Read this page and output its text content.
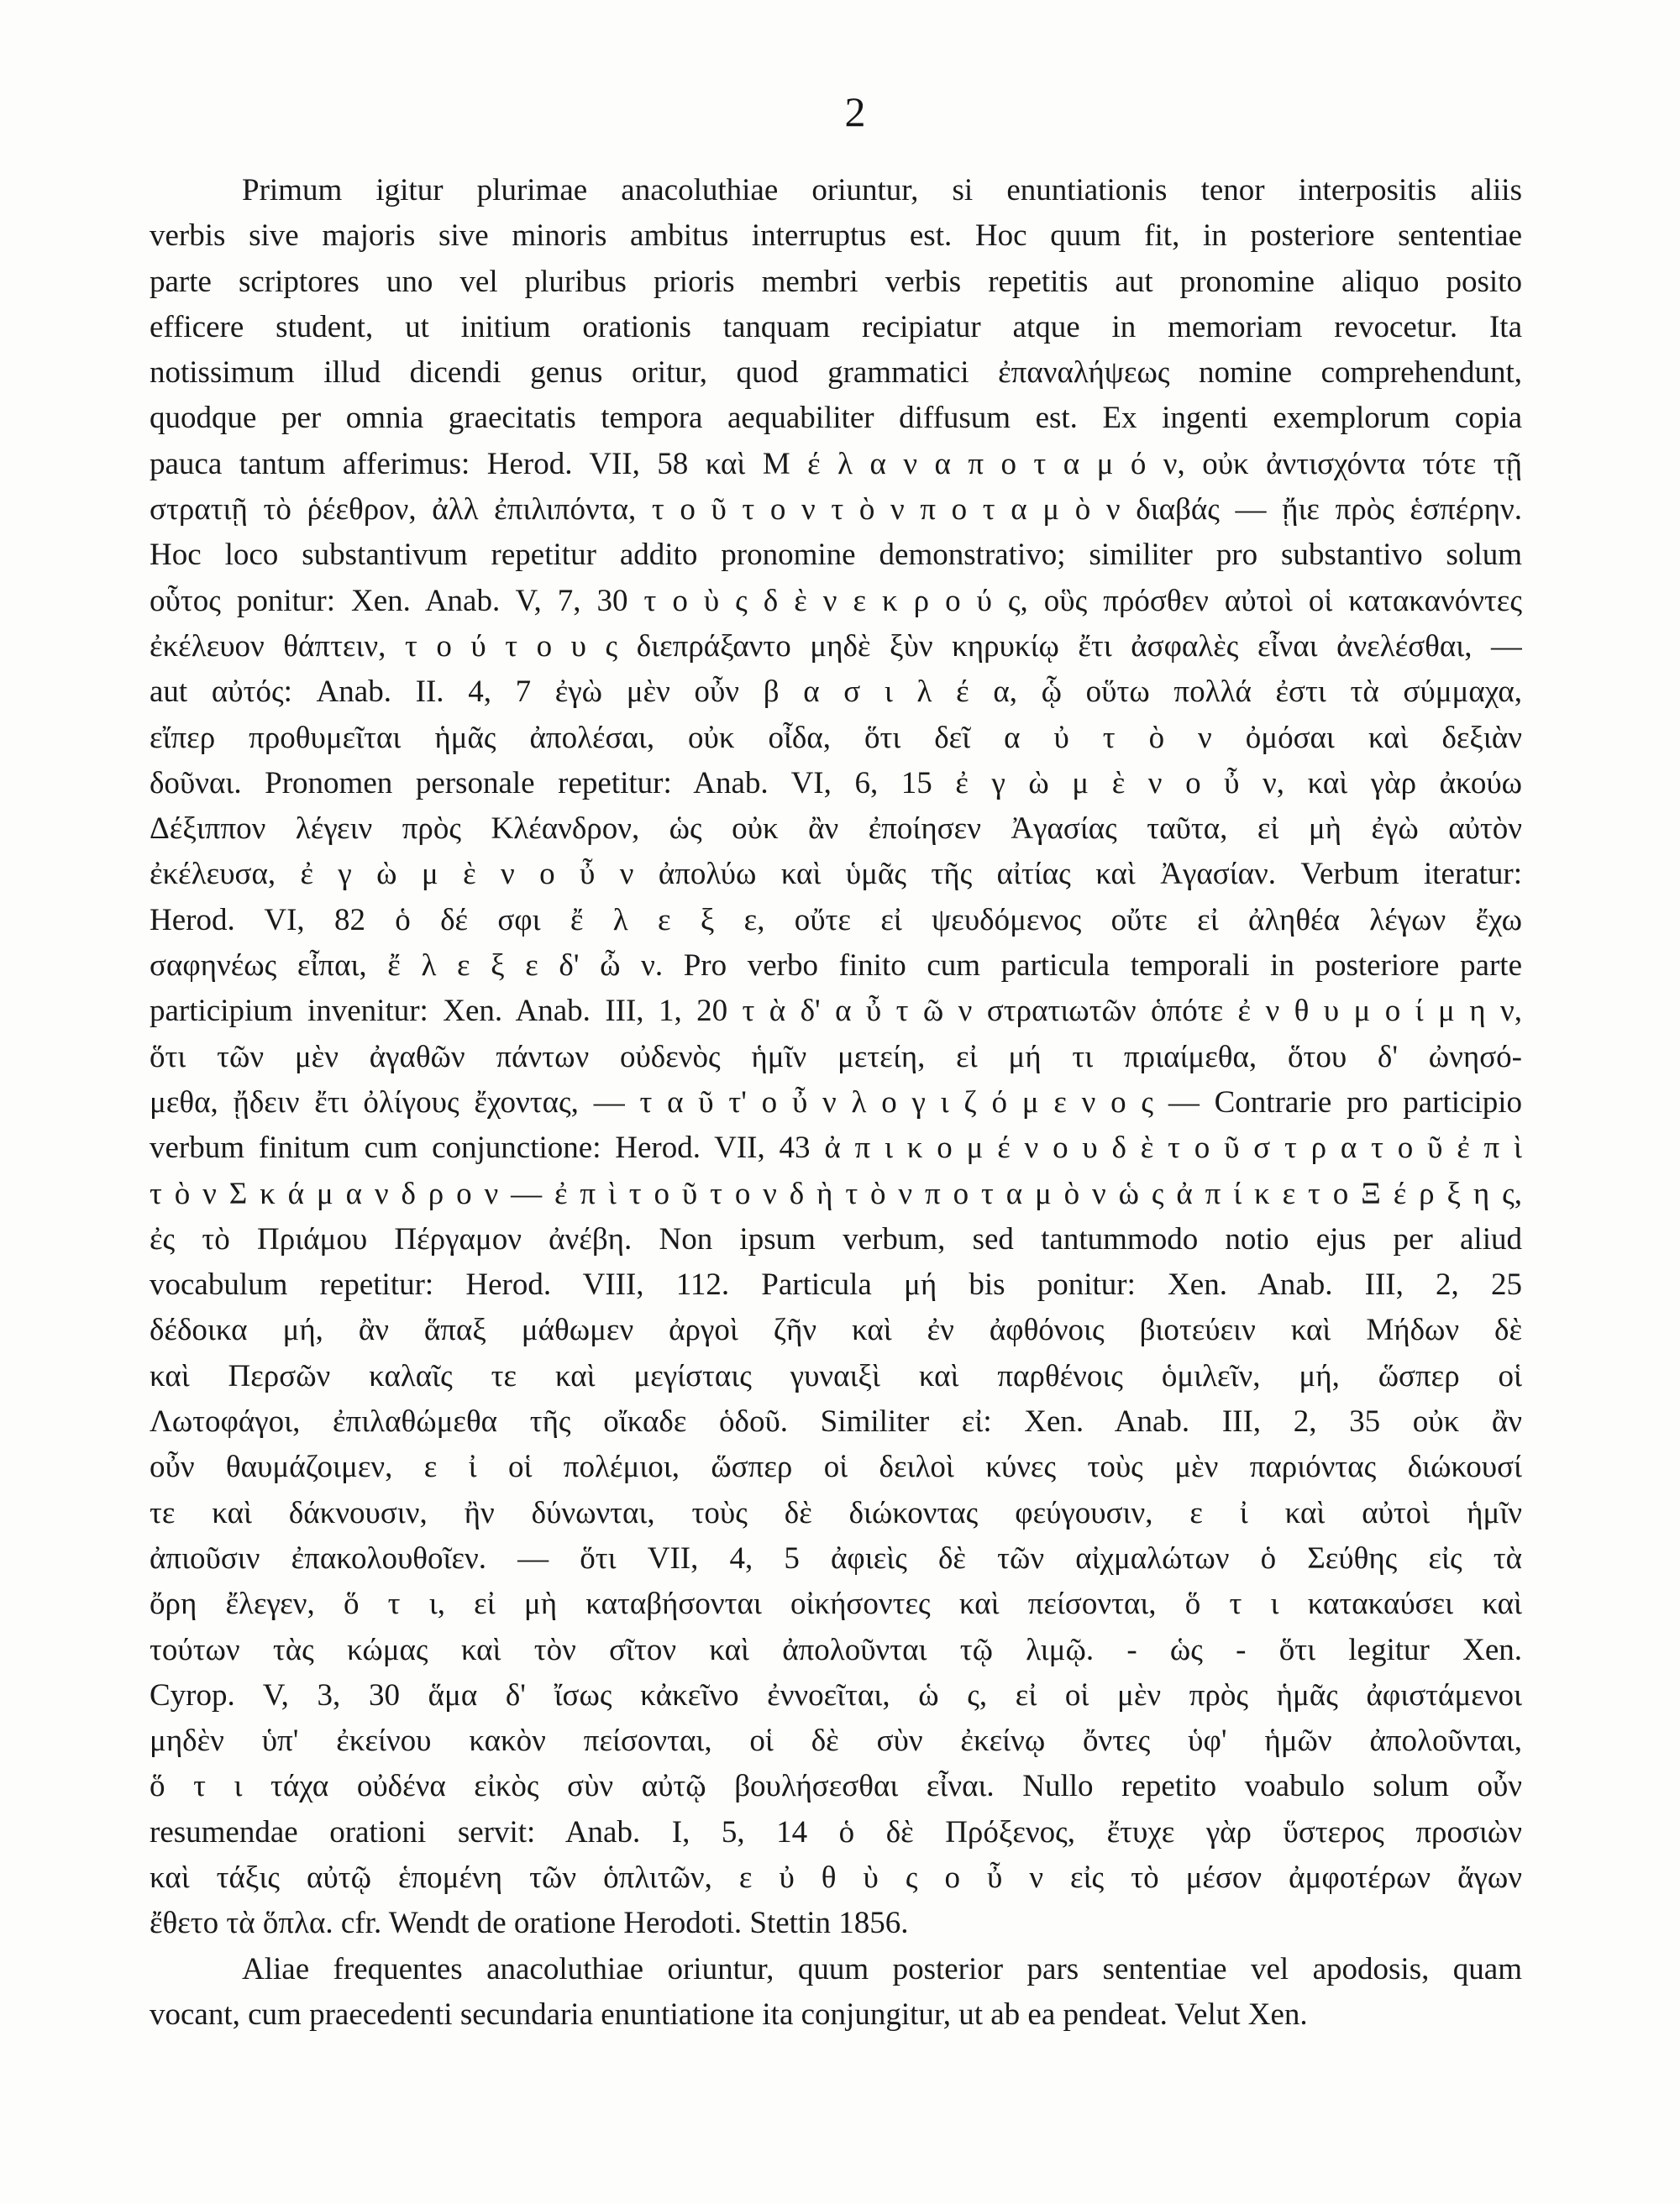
2
Primum igitur plurimae anacoluthiae oriuntur, si enuntiationis tenor interpositis aliis
verbis sive majoris sive minoris ambitus interruptus est. Hoc quum fit, in posteriore sententiae
parte scriptores uno vel pluribus prioris membri verbis repetitis aut pronomine aliquo posito
efficere student, ut initium orationis tanquam recipiatur atque in memoriam revocetur. Ita
notissimum illud dicendi genus oritur, quod grammatici ἐπαναλήψεως nomine comprehendunt,
quodque per omnia graecitatis tempora aequabiliter diffusum est. Ex ingenti exemplorum copia
pauca tantum afferimus: Herod. VII, 58 καὶ Μ έ λ α ν α π ο τ α μ ό ν, οὐκ ἀντισχόντα τότε τῇ
στρατιῇ τὸ ῥέεθρον, ἀλλ ἐπιλιπόντα, τ ο ῦ τ ο ν τ ὸ ν π ο τ α μ ὸ ν διαβάς — ᾔιε πρὸς ἑσπέρην.
Hoc loco substantivum repetitur addito pronomine demonstrativo; similiter pro substantivo solum
οὗτος ponitur: Xen. Anab. V, 7, 30 τ ο ὺ ς δ ὲ ν ε κ ρ ο ύ ς, οὓς πρόσθεν αὐτοὶ οἱ κατακανόντες
ἐκέλευον θάπτειν, τ ο ύ τ ο υ ς διεπράξαντο μηδὲ ξὺν κηρυκίῳ ἔτι ἀσφαλὲς εἶναι ἀνελέσθαι, —
aut αὐτός: Anab. II. 4, 7 ἐγὼ μὲν οὖν β α σ ι λ έ α, ᾧ οὕτω πολλά ἐστι τὰ σύμμαχα,
εἴπερ προθυμεῖται ἡμᾶς ἀπολέσαι, οὐκ οἶδα, ὅτι δεῖ α ὐ τ ὸ ν ὀμόσαι καὶ δεξιὰν
δοῦναι. Pronomen personale repetitur: Anab. VI, 6, 15 ἐ γ ὼ μ ὲ ν ο ὖ ν, καὶ γὰρ ἀκούω
Δέξιππον λέγειν πρὸς Κλέανδρον, ὡς οὐκ ἂν ἐποίησεν Ἀγασίας ταῦτα, εἰ μὴ ἐγὼ αὐτὸν
ἐκέλευσα, ἐ γ ὼ μ ὲ ν ο ὖ ν ἀπολύω καὶ ὑμᾶς τῆς αἰτίας καὶ Ἀγασίαν. Verbum iteratur:
Herod. VI, 82 ὁ δέ σφι ἔ λ ε ξ ε, οὔτε εἰ ψευδόμενος οὔτε εἰ ἀληθέα λέγων ἔχω
σαφηνέως εἶπαι, ἔ λ ε ξ ε δ' ὦ ν. Pro verbo finito cum particula temporali in posteriore parte
participium invenitur: Xen. Anab. III, 1, 20 τ ὰ δ' α ὖ τ ῶ ν στρατιωτῶν ὁπότε ἐ ν θ υ μ ο ί μ η ν,
ὅτι τῶν μὲν ἀγαθῶν πάντων οὐδενὸς ἡμῖν μετείη, εἰ μή τι πριαίμεθα, ὅτου δ' ὠνησό-
μεθα, ᾔδειν ἔτι ὀλίγους ἔχοντας, — τ α ῦ τ' ο ὖ ν λ ο γ ι ζ ό μ ε ν ο ς — Contrarie pro participio
verbum finitum cum conjunctione: Herod. VII, 43 ἀ π ι κ ο μ έ ν ο υ δ ὲ τ ο ῦ σ τ ρ α τ ο ῦ ἐ π ὶ
τ ὸ ν Σ κ ά μ α ν δ ρ ο ν — ἐ π ὶ τ ο ῦ τ ο ν δ ὴ τ ὸ ν π ο τ α μ ὸ ν ὡ ς ἀ π ί κ ε τ ο Ξ έ ρ ξ η ς,
ἐς τὸ Πριάμου Πέργαμον ἀνέβη. Non ipsum verbum, sed tantummodo notio ejus per aliud
vocabulum repetitur: Herod. VIII, 112. Particula μή bis ponitur: Xen. Anab. III, 2, 25
δέδοικα μή, ἂν ἅπαξ μάθωμεν ἀργοὶ ζῆν καὶ ἐν ἀφθόνοις βιοτεύειν καὶ Μήδων δὲ
καὶ Περσῶν καλαῖς τε καὶ μεγίσταις γυναιξὶ καὶ παρθένοις ὁμιλεῖν, μή, ὥσπερ οἱ
Λωτοφάγοι, ἐπιλαθώμεθα τῆς οἴκαδε ὁδοῦ. Similiter εἰ: Xen. Anab. III, 2, 35 οὐκ ἂν
οὖν θαυμάζοιμεν, ε ἰ οἱ πολέμιοι, ὥσπερ οἱ δειλοὶ κύνες τοὺς μὲν παριόντας διώκουσί
τε καὶ δάκνουσιν, ἢν δύνωνται, τοὺς δὲ διώκοντας φεύγουσιν, ε ἰ καὶ αὐτοὶ ἡμῖν
ἀπιοῦσιν ἐπακολουθοῖεν. — ὅτι VII, 4, 5 ἀφιεὶς δὲ τῶν αἰχμαλώτων ὁ Σεύθης εἰς τὰ
ὄρη ἔλεγεν, ὅ τ ι, εἰ μὴ καταβήσονται οἰκήσοντες καὶ πείσονται, ὅ τ ι κατακαύσει καὶ
τούτων τὰς κώμας καὶ τὸν σῖτον καὶ ἀπολοῦνται τῷ λιμῷ. - ὡς - ὅτι legitur Xen.
Cyrop. V, 3, 30 ἅμα δ' ἴσως κἀκεῖνο ἐννοεῖται, ὡ ς, εἰ οἱ μὲν πρὸς ἡμᾶς ἀφιστάμενοι
μηδὲν ὑπ' ἐκείνου κακὸν πείσονται, οἱ δὲ σὺν ἐκείνῳ ὄντες ὑφ' ἡμῶν ἀπολοῦνται,
ὅ τ ι τάχα οὐδένα εἰκὸς σὺν αὐτῷ βουλήσεσθαι εἶναι. Nullo repetito voabulo solum οὖν
resumendae orationi servit: Anab. I, 5, 14 ὁ δὲ Πρόξενος, ἔτυχε γὰρ ὕστερος προσιὼν
καὶ τάξις αὐτῷ ἑπομένη τῶν ὁπλιτῶν, ε ὐ θ ὺ ς ο ὖ ν εἰς τὸ μέσον ἀμφοτέρων ἄγων
ἔθετο τὰ ὅπλα. cfr. Wendt de oratione Herodoti. Stettin 1856.
Aliae frequentes anacoluthiae oriuntur, quum posterior pars sententiae vel apodosis, quam
vocant, cum praecedenti secundaria enuntiatione ita conjungitur, ut ab ea pendeat. Velut Xen.
